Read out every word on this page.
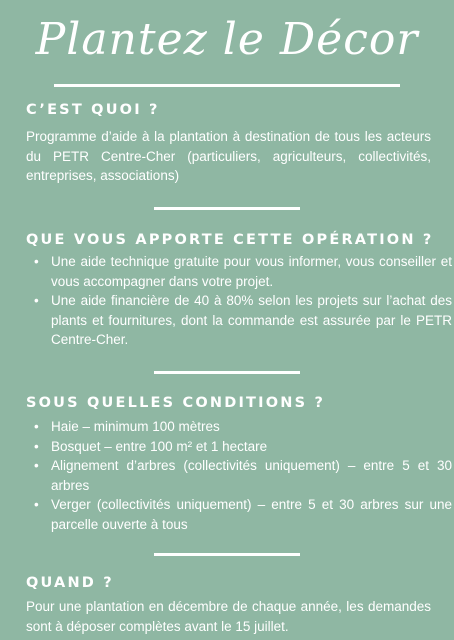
Plantez le Décor
C’EST QUOI ?
Programme d’aide à la plantation à destination de tous les acteurs du PETR Centre-Cher (particuliers, agriculteurs, collectivités, entreprises, associations)
QUE VOUS APPORTE CETTE OPÉRATION ?
• Une aide technique gratuite pour vous informer, vous conseiller et vous accompagner dans votre projet.
• Une aide financière de 40 à 80% selon les projets sur l’achat des plants et fournitures, dont la commande est assurée par le PETR Centre-Cher.
SOUS QUELLES CONDITIONS ?
• Haie – minimum 100 mètres
• Bosquet – entre 100 m² et 1 hectare
• Alignement d’arbres (collectivités uniquement) – entre 5 et 30 arbres
• Verger (collectivités uniquement) – entre 5 et 30 arbres sur une parcelle ouverte à tous
QUAND ?
Pour une plantation en décembre de chaque année, les demandes sont à déposer complètes avant le 15 juillet.
